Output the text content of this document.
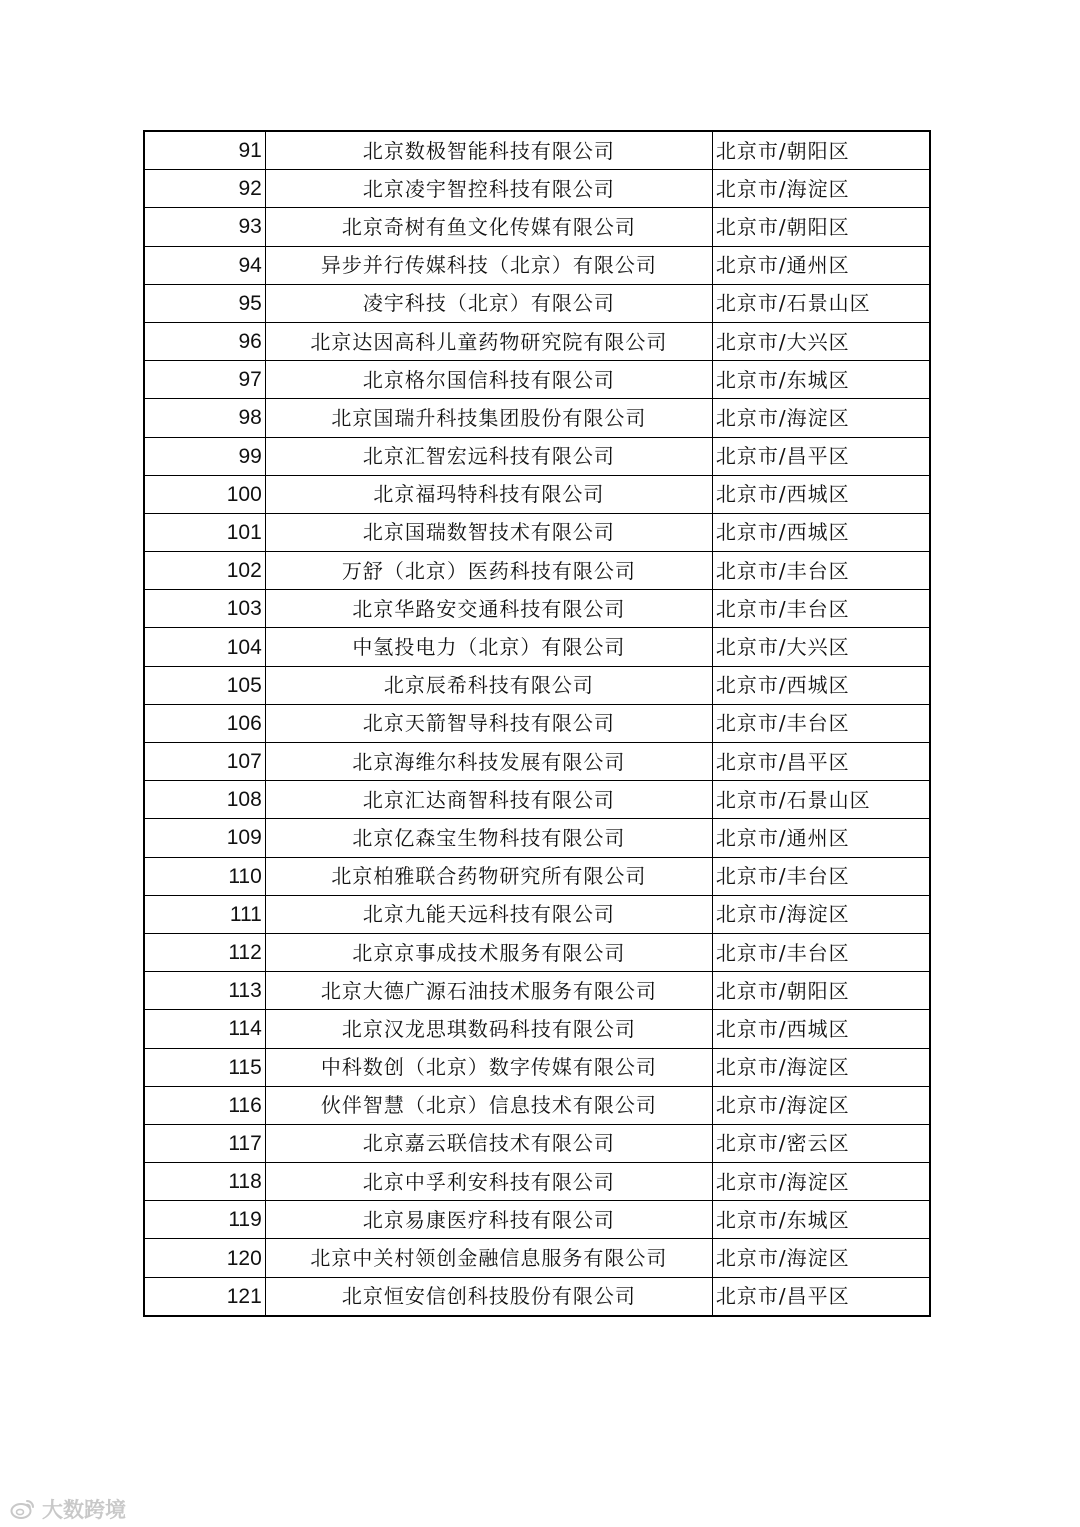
91	北京数极智能科技有限公司	北京市/朝阳区
92	北京凌宇智控科技有限公司	北京市/海淀区
93	北京奇树有鱼文化传媒有限公司	北京市/朝阳区
94	异步并行传媒科技（北京）有限公司	北京市/通州区
95	凌宇科技（北京）有限公司	北京市/石景山区
96	北京达因高科儿童药物研究院有限公司	北京市/大兴区
97	北京格尔国信科技有限公司	北京市/东城区
98	北京国瑞升科技集团股份有限公司	北京市/海淀区
99	北京汇智宏远科技有限公司	北京市/昌平区
100	北京福玛特科技有限公司	北京市/西城区
101	北京国瑞数智技术有限公司	北京市/西城区
102	万舒（北京）医药科技有限公司	北京市/丰台区
103	北京华路安交通科技有限公司	北京市/丰台区
104	中氢投电力（北京）有限公司	北京市/大兴区
105	北京辰希科技有限公司	北京市/西城区
106	北京天箭智导科技有限公司	北京市/丰台区
107	北京海维尔科技发展有限公司	北京市/昌平区
108	北京汇达商智科技有限公司	北京市/石景山区
109	北京亿森宝生物科技有限公司	北京市/通州区
110	北京柏雅联合药物研究所有限公司	北京市/丰台区
111	北京九能天远科技有限公司	北京市/海淀区
112	北京京事成技术服务有限公司	北京市/丰台区
113	北京大德广源石油技术服务有限公司	北京市/朝阳区
114	北京汉龙思琪数码科技有限公司	北京市/西城区
115	中科数创（北京）数字传媒有限公司	北京市/海淀区
116	伙伴智慧（北京）信息技术有限公司	北京市/海淀区
117	北京嘉云联信技术有限公司	北京市/密云区
118	北京中孚利安科技有限公司	北京市/海淀区
119	北京易康医疗科技有限公司	北京市/东城区
120	北京中关村领创金融信息服务有限公司	北京市/海淀区
121	北京恒安信创科技股份有限公司	北京市/昌平区
大数跨境
